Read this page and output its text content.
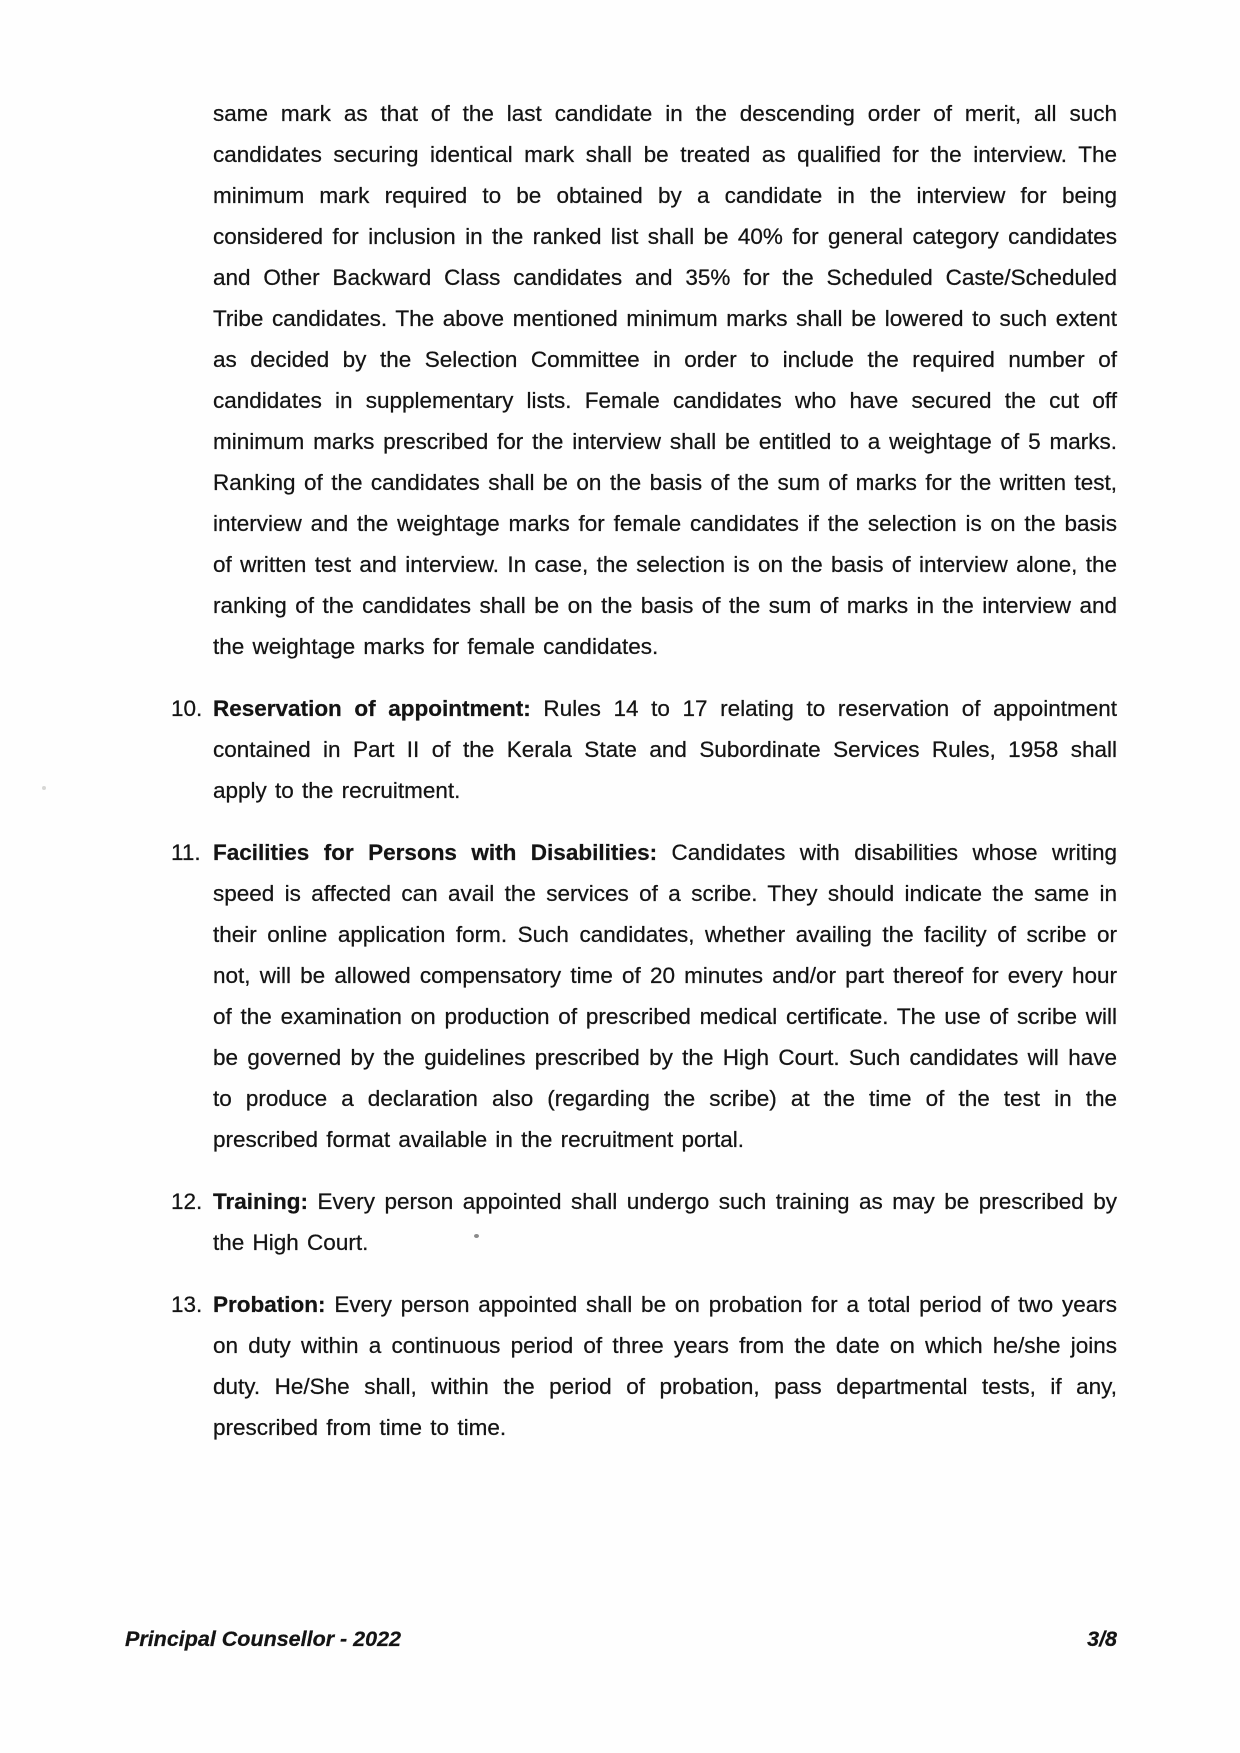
same mark as that of the last candidate in the descending order of merit, all such candidates securing identical mark shall be treated as qualified for the interview. The minimum mark required to be obtained by a candidate in the interview for being considered for inclusion in the ranked list shall be 40% for general category candidates and Other Backward Class candidates and 35% for the Scheduled Caste/Scheduled Tribe candidates. The above mentioned minimum marks shall be lowered to such extent as decided by the Selection Committee in order to include the required number of candidates in supplementary lists. Female candidates who have secured the cut off minimum marks prescribed for the interview shall be entitled to a weightage of 5 marks. Ranking of the candidates shall be on the basis of the sum of marks for the written test, interview and the weightage marks for female candidates if the selection is on the basis of written test and interview. In case, the selection is on the basis of interview alone, the ranking of the candidates shall be on the basis of the sum of marks in the interview and the weightage marks for female candidates.

10. Reservation of appointment: Rules 14 to 17 relating to reservation of appointment contained in Part II of the Kerala State and Subordinate Services Rules, 1958 shall apply to the recruitment.
11. Facilities for Persons with Disabilities: Candidates with disabilities whose writing speed is affected can avail the services of a scribe. They should indicate the same in their online application form. Such candidates, whether availing the facility of scribe or not, will be allowed compensatory time of 20 minutes and/or part thereof for every hour of the examination on production of prescribed medical certificate. The use of scribe will be governed by the guidelines prescribed by the High Court. Such candidates will have to produce a declaration also (regarding the scribe) at the time of the test in the prescribed format available in the recruitment portal.
12. Training: Every person appointed shall undergo such training as may be prescribed by the High Court.
13. Probation: Every person appointed shall be on probation for a total period of two years on duty within a continuous period of three years from the date on which he/she joins duty. He/She shall, within the period of probation, pass departmental tests, if any, prescribed from time to time.
Principal Counsellor - 2022	3/8
